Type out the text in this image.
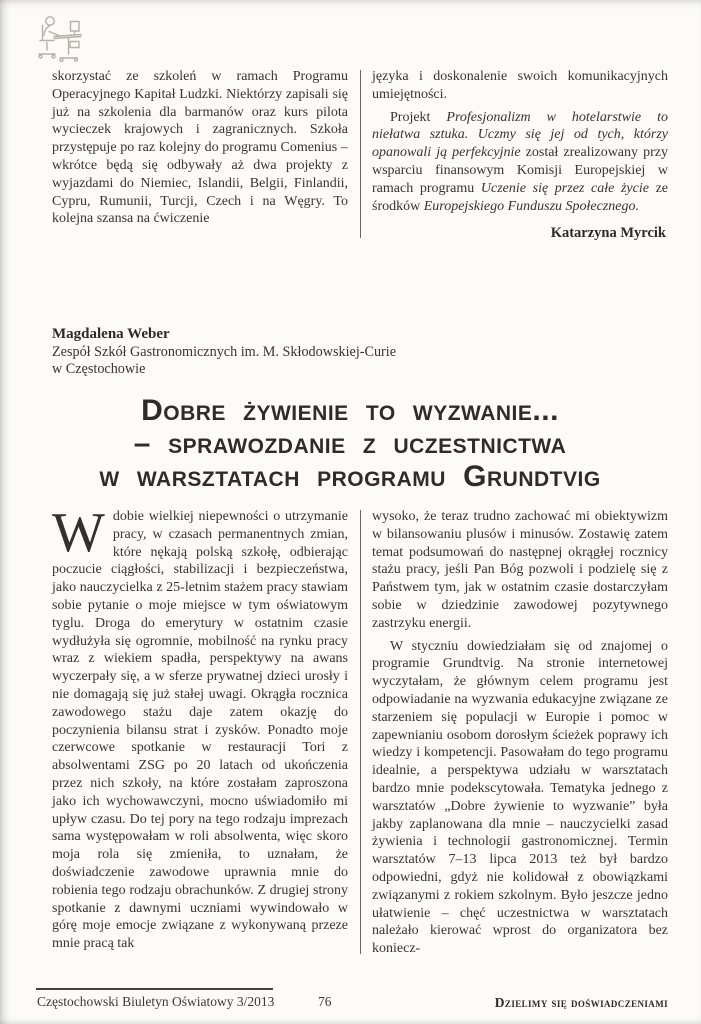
skorzystać ze szkoleń w ramach Programu Operacyjnego Kapitał Ludzki. Niektórzy zapisali się już na szkolenia dla barmanów oraz kurs pilota wycieczek krajowych i zagranicznych. Szkoła przystępuje po raz kolejny do programu Comenius – wkrótce będą się odbywały aż dwa projekty z wyjazdami do Niemiec, Islandii, Belgii, Finlandii, Cypru, Rumunii, Turcji, Czech i na Węgry. To kolejna szansa na ćwiczenie

języka i doskonalenie swoich komunikacyjnych umiejętności.

Projekt Profesjonalizm w hotelarstwie to niełatwa sztuka. Uczmy się jej od tych, którzy opanowali ją perfekcyjnie został zrealizowany przy wsparciu finansowym Komisji Europejskiej w ramach programu Uczenie się przez całe życie ze środków Europejskiego Funduszu Społecznego.

Katarzyna Myrcik

Magdalena Weber
Zespół Szkół Gastronomicznych im. M. Skłodowskiej-Curie
w Częstochowie
Dobre żywienie to wyzwanie...
– sprawozdanie z uczestnictwa
w warsztatach programu Grundtvig

Wdobie wielkiej niepewności o utrzymanie pracy, w czasach permanentnych zmian, które nękają polską szkołę, odbierając poczucie ciągłości, stabilizacji i bezpieczeństwa, jako nauczycielka z 25-letnim stażem pracy stawiam sobie pytanie o moje miejsce w tym oświatowym tyglu. Droga do emerytury w ostatnim czasie wydłużyła się ogromnie, mobilność na rynku pracy wraz z wiekiem spadła, perspektywy na awans wyczerpały się, a w sferze prywatnej dzieci urosły i nie domagają się już stałej uwagi. Okrągła rocznica zawodowego stażu daje zatem okazję do poczynienia bilansu strat i zysków. Ponadto moje czerwcowe spotkanie w restauracji Tori z absolwentami ZSG po 20 latach od ukończenia przez nich szkoły, na które zostałam zaproszona jako ich wychowawczyni, mocno uświadomiło mi upływ czasu. Do tej pory na tego rodzaju imprezach sama występowałam w roli absolwenta, więc skoro moja rola się zmieniła, to uznałam, że doświadczenie zawodowe uprawnia mnie do robienia tego rodzaju obrachunków. Z drugiej strony spotkanie z dawnymi uczniami wywindowało w górę moje emocje związane z wykonywaną przeze mnie pracą tak

wysoko, że teraz trudno zachować mi obiektywizm w bilansowaniu plusów i minusów. Zostawię zatem temat podsumowań do następnej okrągłej rocznicy stażu pracy, jeśli Pan Bóg pozwoli i podzielę się z Państwem tym, jak w ostatnim czasie dostarczyłam sobie w dziedzinie zawodowej pozytywnego zastrzyku energii.

W styczniu dowiedziałam się od znajomej o programie Grundtvig. Na stronie internetowej wyczytałam, że głównym celem programu jest odpowiadanie na wyzwania edukacyjne związane ze starzeniem się populacji w Europie i pomoc w zapewnianiu osobom dorosłym ścieżek poprawy ich wiedzy i kompetencji. Pasowałam do tego programu idealnie, a perspektywa udziału w warsztatach bardzo mnie podekscytowała. Tematyka jednego z warsztatów „Dobre żywienie to wyzwanie” była jakby zaplanowana dla mnie – nauczycielki zasad żywienia i technologii gastronomicznej. Termin warsztatów 7–13 lipca 2013 też był bardzo odpowiedni, gdyż nie kolidował z obowiązkami związanymi z rokiem szkolnym. Było jeszcze jedno ułatwienie – chęć uczestnictwa w warsztatach należało kierować wprost do organizatora bez koniecz-

Częstochowski Biuletyn Oświatowy 3/2013	76	Dzielimy się doświadczeniami
